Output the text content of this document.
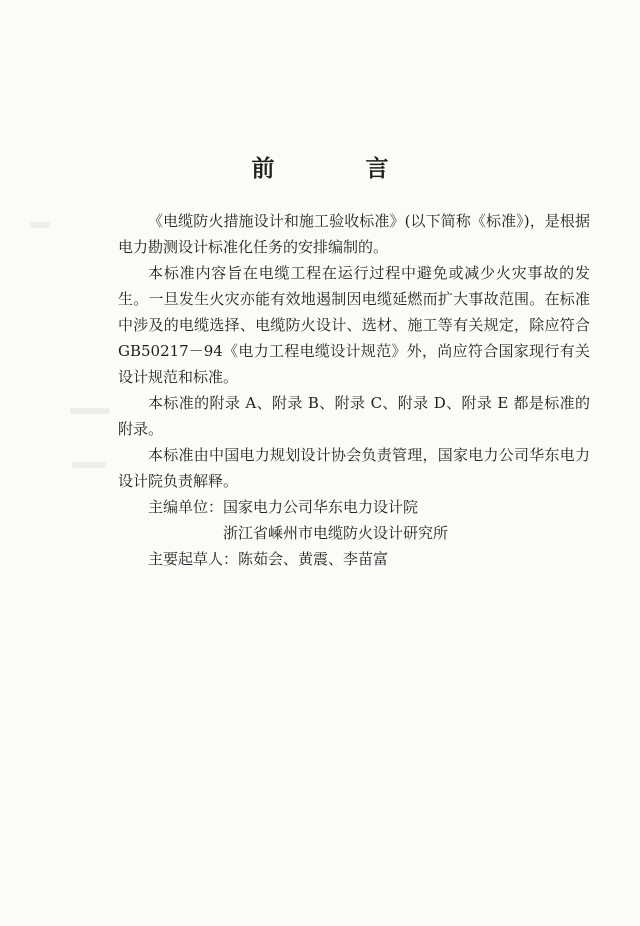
前　言

《电缆防火措施设计和施工验收标准》(以下简称《标准》)，是根据电力勘测设计标准化任务的安排编制的。

本标准内容旨在电缆工程在运行过程中避免或减少火灾事故的发生。一旦发生火灾亦能有效地遏制因电缆延燃而扩大事故范围。在标准中涉及的电缆选择、电缆防火设计、选材、施工等有关规定，除应符合 GB50217－94《电力工程电缆设计规范》外，尚应符合国家现行有关设计规范和标准。

本标准的附录 A、附录 B、附录 C、附录 D、附录 E 都是标准的附录。

本标准由中国电力规划设计协会负责管理，国家电力公司华东电力设计院负责解释。

主编单位： 国家电力公司华东电力设计院
浙江省嵊州市电缆防火设计研究所
主要起草人： 陈茹会、黄震、李苗富
